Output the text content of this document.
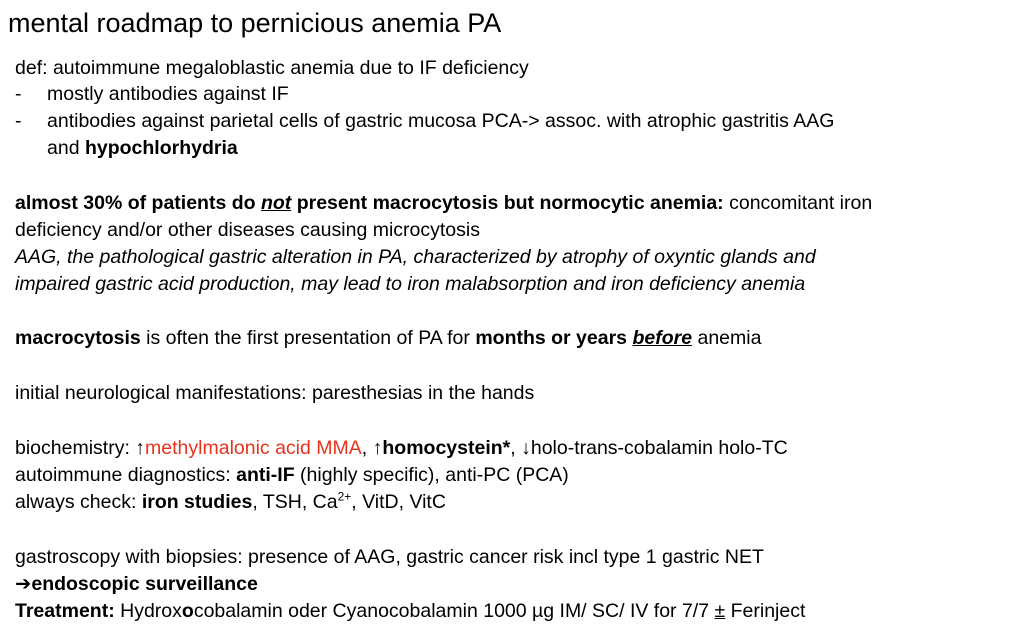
mental roadmap to pernicious anemia PA
def: autoimmune megaloblastic anemia due to IF deficiency
- mostly antibodies against IF
- antibodies against parietal cells of gastric mucosa PCA-> assoc. with atrophic gastritis AAG
and hypochlorhydria
almost 30% of patients do not present macrocytosis but normocytic anemia: concomitant iron
deficiency and/or other diseases causing microcytosis
AAG, the pathological gastric alteration in PA, characterized by atrophy of oxyntic glands and
impaired gastric acid production, may lead to iron malabsorption and iron deficiency anemia
macrocytosis is often the first presentation of PA for months or years before anemia
initial neurological manifestations: paresthesias in the hands
biochemistry: ↑methylmalonic acid MMA, ↑homocystein*, ↓holo-trans-cobalamin holo-TC
autoimmune diagnostics: anti-IF (highly specific), anti-PC (PCA)
always check: iron studies, TSH, $Ca^{2+}$, VitD, VitC
gastroscopy with biopsies: presence of AAG, gastric cancer risk incl type 1 gastric NET
➔endoscopic surveillance
Treatment: Hydroxocobalamin oder Cyanocobalamin 1000 µg IM/ SC/ IV for 7/7 ± Ferinject
